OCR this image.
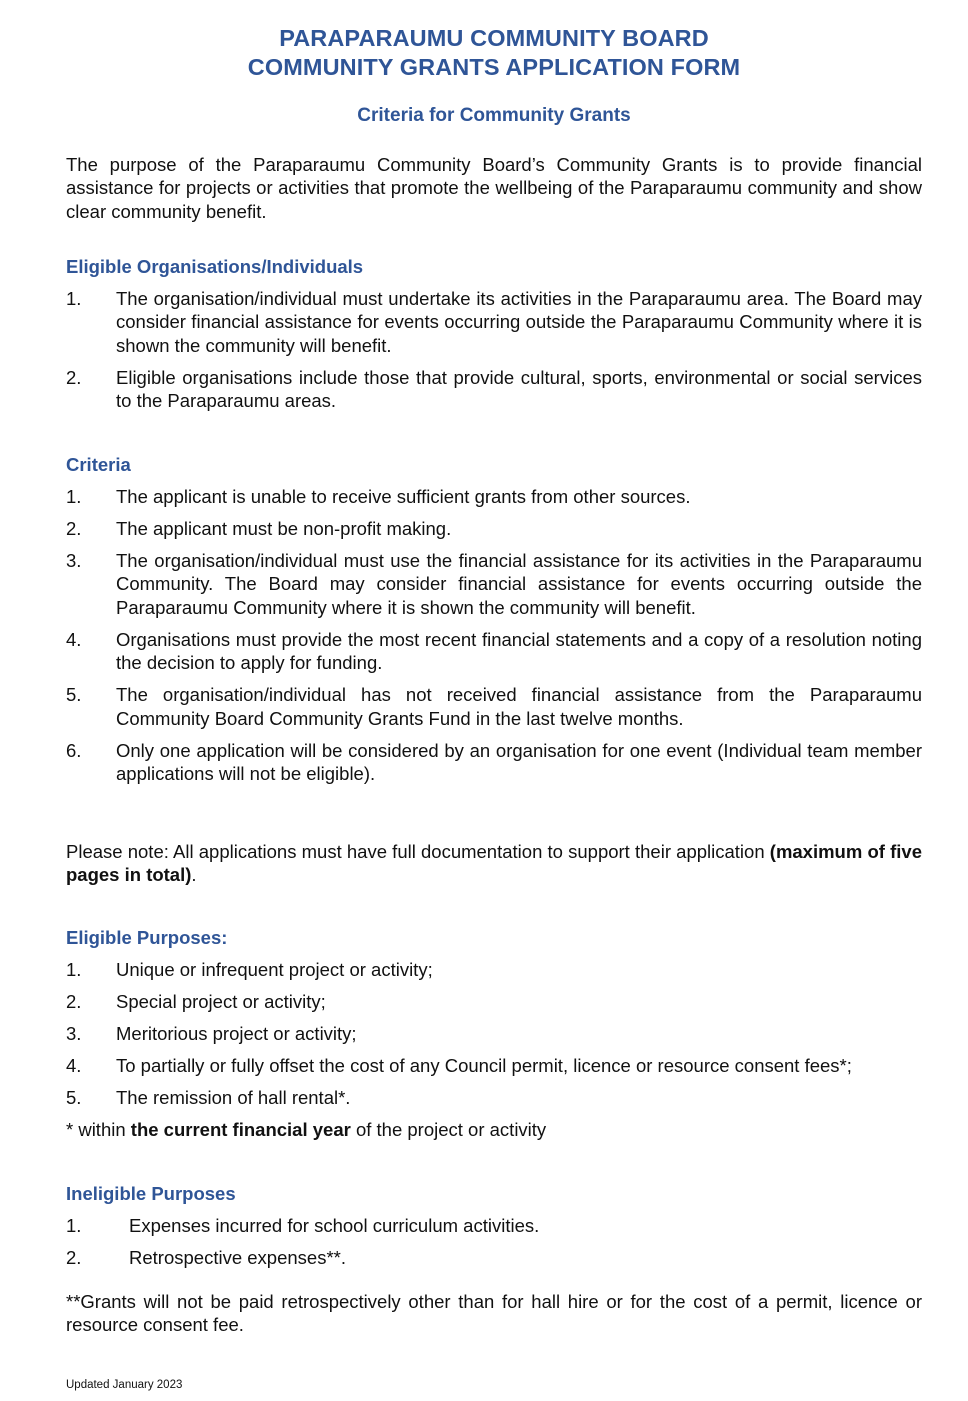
PARAPARAUMU COMMUNITY BOARD
COMMUNITY GRANTS APPLICATION FORM
Criteria for Community Grants
The purpose of the Paraparaumu Community Board’s Community Grants is to provide financial assistance for projects or activities that promote the wellbeing of the Paraparaumu community and show clear community benefit.
Eligible Organisations/Individuals
1.	The organisation/individual must undertake its activities in the Paraparaumu area. The Board may consider financial assistance for events occurring outside the Paraparaumu Community where it is shown the community will benefit.
2.	Eligible organisations include those that provide cultural, sports, environmental or social services to the Paraparaumu areas.
Criteria
1.	The applicant is unable to receive sufficient grants from other sources.
2.	The applicant must be non-profit making.
3.	The organisation/individual must use the financial assistance for its activities in the Paraparaumu Community. The Board may consider financial assistance for events occurring outside the Paraparaumu Community where it is shown the community will benefit.
4.	Organisations must provide the most recent financial statements and a copy of a resolution noting the decision to apply for funding.
5.	The organisation/individual has not received financial assistance from the Paraparaumu Community Board Community Grants Fund in the last twelve months.
6.	Only one application will be considered by an organisation for one event (Individual team member applications will not be eligible).
Please note: All applications must have full documentation to support their application (maximum of five pages in total).
Eligible Purposes:
1.	Unique or infrequent project or activity;
2.	Special project or activity;
3.	Meritorious project or activity;
4.	To partially or fully offset the cost of any Council permit, licence or resource consent fees*;
5.	The remission of hall rental*.
* within the current financial year of the project or activity
Ineligible Purposes
1.	Expenses incurred for school curriculum activities.
2.	Retrospective expenses**.
**Grants will not be paid retrospectively other than for hall hire or for the cost of a permit, licence or resource consent fee.
Updated January 2023
